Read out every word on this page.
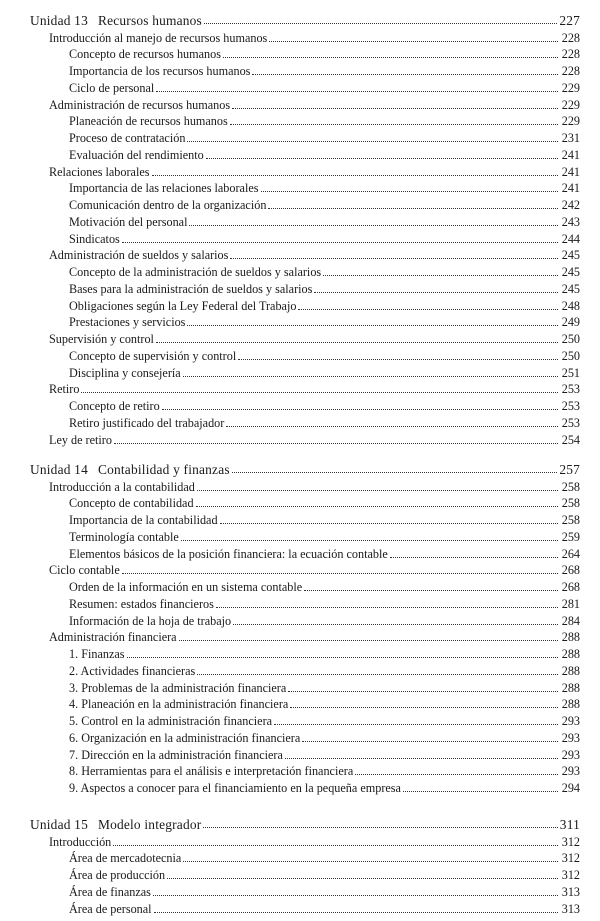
Unidad 13 Recursos humanos	227
Introducción al manejo de recursos humanos	228
Concepto de recursos humanos	228
Importancia de los recursos humanos	228
Ciclo de personal	229
Administración de recursos humanos	229
Planeación de recursos humanos	229
Proceso de contratación	231
Evaluación del rendimiento	241
Relaciones laborales	241
Importancia de las relaciones laborales	241
Comunicación dentro de la organización	242
Motivación del personal	243
Sindicatos	244
Administración de sueldos y salarios	245
Concepto de la administración de sueldos y salarios	245
Bases para la administración de sueldos y salarios	245
Obligaciones según la Ley Federal del Trabajo	248
Prestaciones y servicios	249
Supervisión y control	250
Concepto de supervisión y control	250
Disciplina y consejería	251
Retiro	253
Concepto de retiro	253
Retiro justificado del trabajador	253
Ley de retiro	254
Unidad 14 Contabilidad y finanzas	257
Introducción a la contabilidad	258
Concepto de contabilidad	258
Importancia de la contabilidad	258
Terminología contable	259
Elementos básicos de la posición financiera: la ecuación contable	264
Ciclo contable	268
Orden de la información en un sistema contable	268
Resumen: estados financieros	281
Información de la hoja de trabajo	284
Administración financiera	288
1. Finanzas	288
2. Actividades financieras	288
3. Problemas de la administración financiera	288
4. Planeación en la administración financiera	288
5. Control en la administración financiera	293
6. Organización en la administración financiera	293
7. Dirección en la administración financiera	293
8. Herramientas para el análisis e interpretación financiera	293
9. Aspectos a conocer para el financiamiento en la pequeña empresa	294
Unidad 15 Modelo integrador	311
Introducción	312
Área de mercadotecnia	312
Área de producción	312
Área de finanzas	313
Área de personal	313
